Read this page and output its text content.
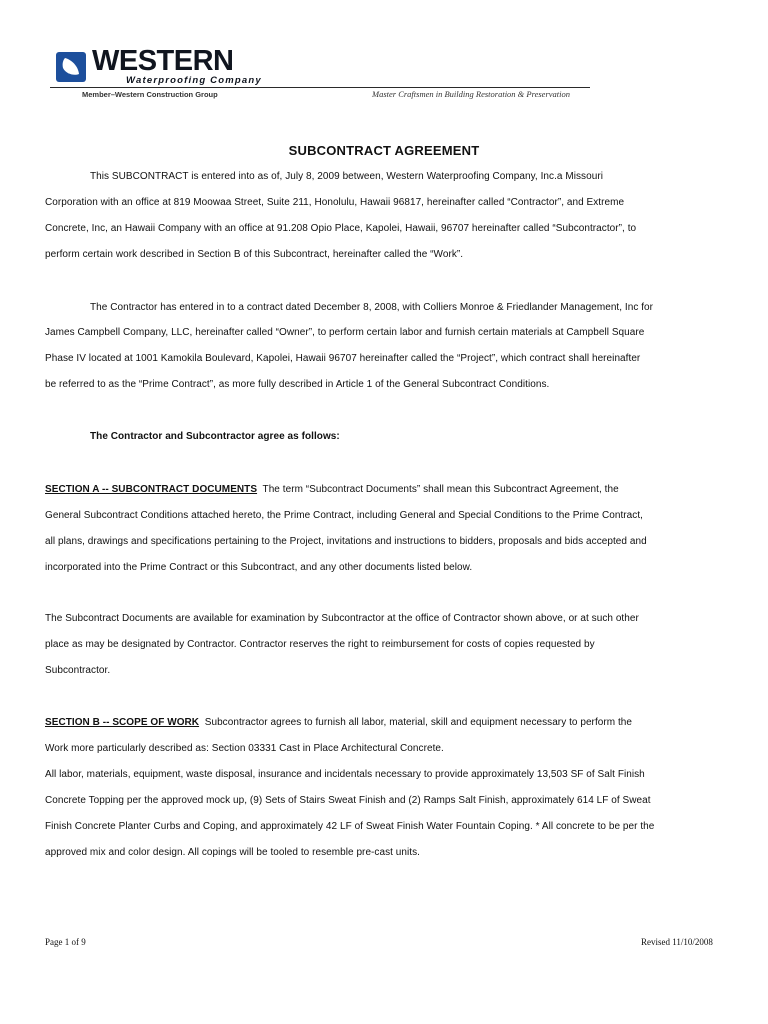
WESTERN
Waterproofing Company
Member–Western Construction Group	Master Craftsmen in Building Restoration & Preservation
SUBCONTRACT AGREEMENT
This SUBCONTRACT is entered into as of, July 8, 2009 between, Western Waterproofing Company, Inc.a Missouri
Corporation with an office at 819 Moowaa Street, Suite 211, Honolulu, Hawaii 96817, hereinafter called “Contractor”, and Extreme
Concrete, Inc, an Hawaii Company with an office at 91.208 Opio Place, Kapolei, Hawaii, 96707 hereinafter called “Subcontractor”, to
perform certain work described in Section B of this Subcontract, hereinafter called the “Work”.
The Contractor has entered in to a contract dated December 8, 2008, with Colliers Monroe & Friedlander Management, Inc for
James Campbell Company, LLC, hereinafter called “Owner”, to perform certain labor and furnish certain materials at Campbell Square
Phase IV located at 1001 Kamokila Boulevard, Kapolei, Hawaii 96707 hereinafter called the “Project”, which contract shall hereinafter
be referred to as the “Prime Contract”, as more fully described in Article 1 of the General Subcontract Conditions.
The Contractor and Subcontractor agree as follows:
SECTION A -- SUBCONTRACT DOCUMENTS  The term “Subcontract Documents” shall mean this Subcontract Agreement, the
General Subcontract Conditions attached hereto, the Prime Contract, including General and Special Conditions to the Prime Contract,
all plans, drawings and specifications pertaining to the Project, invitations and instructions to bidders, proposals and bids accepted and
incorporated into the Prime Contract or this Subcontract, and any other documents listed below.
The Subcontract Documents are available for examination by Subcontractor at the office of Contractor shown above, or at such other
place as may be designated by Contractor. Contractor reserves the right to reimbursement for costs of copies requested by
Subcontractor.
SECTION B -- SCOPE OF WORK  Subcontractor agrees to furnish all labor, material, skill and equipment necessary to perform the
Work more particularly described as: Section 03331 Cast in Place Architectural Concrete.
All labor, materials, equipment, waste disposal, insurance and incidentals necessary to provide approximately 13,503 SF of Salt Finish
Concrete Topping per the approved mock up, (9) Sets of Stairs Sweat Finish and (2) Ramps Salt Finish, approximately 614 LF of Sweat
Finish Concrete Planter Curbs and Coping, and approximately 42 LF of Sweat Finish Water Fountain Coping. * All concrete to be per the
approved mix and color design. All copings will be tooled to resemble pre-cast units.
Page 1 of 9	Revised 11/10/2008
